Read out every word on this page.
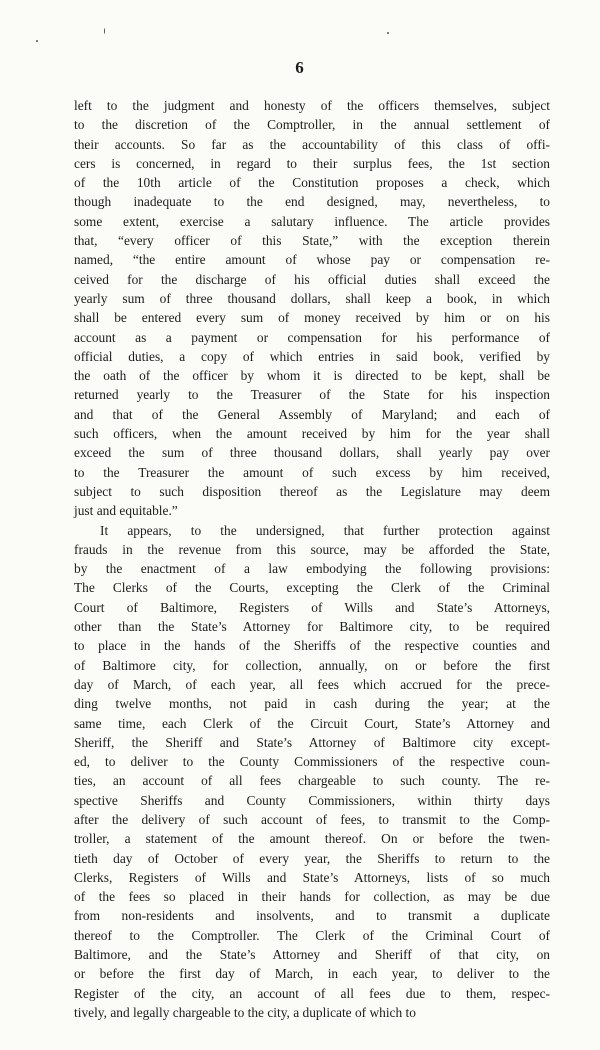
6
left to the judgment and honesty of the officers themselves, subject
to the discretion of the Comptroller, in the annual settlement of
their accounts. So far as the accountability of this class of offi-
cers is concerned, in regard to their surplus fees, the 1st section
of the 10th article of the Constitution proposes a check, which
though inadequate to the end designed, may, nevertheless, to
some extent, exercise a salutary influence. The article provides
that, “every officer of this State,” with the exception therein
named, “the entire amount of whose pay or compensation re-
ceived for the discharge of his official duties shall exceed the
yearly sum of three thousand dollars, shall keep a book, in which
shall be entered every sum of money received by him or on his
account as a payment or compensation for his performance of
official duties, a copy of which entries in said book, verified by
the oath of the officer by whom it is directed to be kept, shall be
returned yearly to the Treasurer of the State for his inspection
and that of the General Assembly of Maryland; and each of
such officers, when the amount received by him for the year shall
exceed the sum of three thousand dollars, shall yearly pay over
to the Treasurer the amount of such excess by him received,
subject to such disposition thereof as the Legislature may deem
just and equitable.”
It appears, to the undersigned, that further protection against
frauds in the revenue from this source, may be afforded the State,
by the enactment of a law embodying the following provisions:
The Clerks of the Courts, excepting the Clerk of the Criminal
Court of Baltimore, Registers of Wills and State’s Attorneys,
other than the State’s Attorney for Baltimore city, to be required
to place in the hands of the Sheriffs of the respective counties and
of Baltimore city, for collection, annually, on or before the first
day of March, of each year, all fees which accrued for the prece-
ding twelve months, not paid in cash during the year; at the
same time, each Clerk of the Circuit Court, State’s Attorney and
Sheriff, the Sheriff and State’s Attorney of Baltimore city except-
ed, to deliver to the County Commissioners of the respective coun-
ties, an account of all fees chargeable to such county. The re-
spective Sheriffs and County Commissioners, within thirty days
after the delivery of such account of fees, to transmit to the Comp-
troller, a statement of the amount thereof. On or before the twen-
tieth day of October of every year, the Sheriffs to return to the
Clerks, Registers of Wills and State’s Attorneys, lists of so much
of the fees so placed in their hands for collection, as may be due
from non-residents and insolvents, and to transmit a duplicate
thereof to the Comptroller. The Clerk of the Criminal Court of
Baltimore, and the State’s Attorney and Sheriff of that city, on
or before the first day of March, in each year, to deliver to the
Register of the city, an account of all fees due to them, respec-
tively, and legally chargeable to the city, a duplicate of which to
